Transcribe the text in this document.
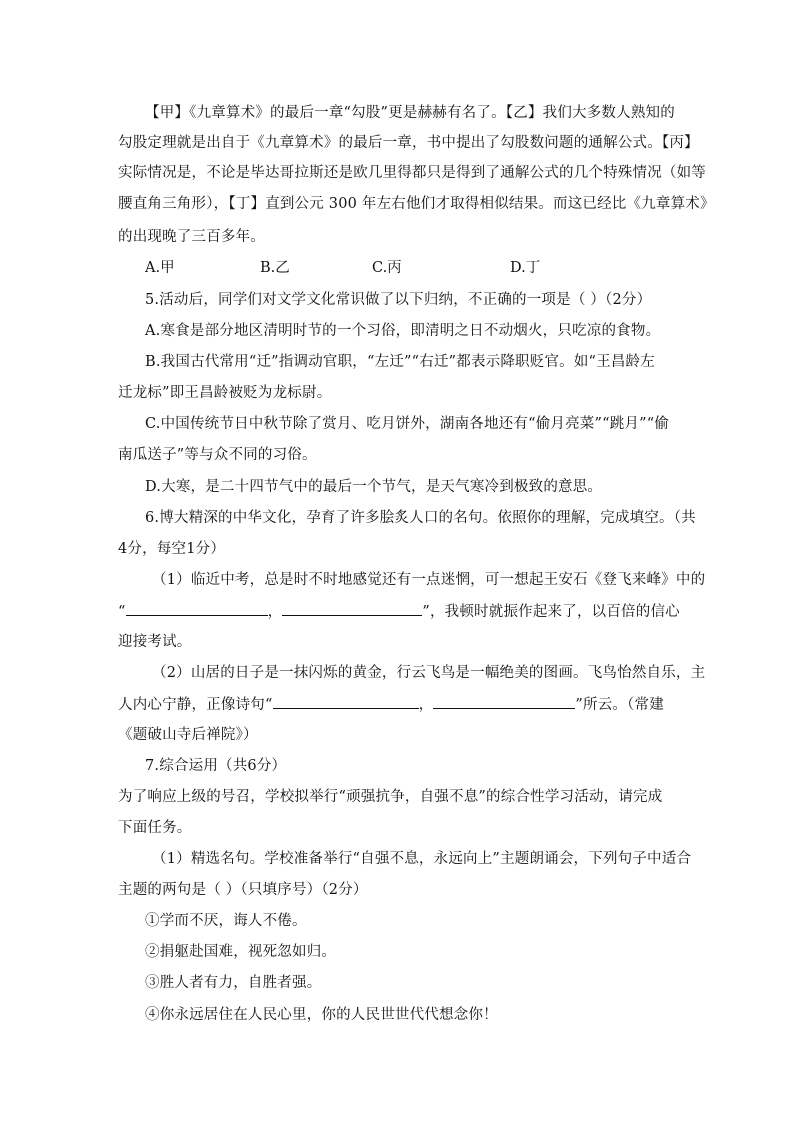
【甲】《九章算术》的最后一章“勾股”更是赫赫有名了。【乙】我们大多数人熟知的
勾股定理就是出自于《九章算术》的最后一章，书中提出了勾股数问题的通解公式。【丙】
实际情况是，不论是毕达哥拉斯还是欧几里得都只是得到了通解公式的几个特殊情况（如等
腰直角三角形），【丁】直到公元 300 年左右他们才取得相似结果。而这已经比《九章算术》
的出现晚了三百多年。
A.甲	B.乙	C.丙	D.丁
5.活动后，同学们对文学文化常识做了以下归纳，不正确的一项是（ ）（2分）
A.寒食是部分地区清明时节的一个习俗，即清明之日不动烟火，只吃凉的食物。
B.我国古代常用“迁”指调动官职，“左迁”“右迁”都表示降职贬官。如“王昌龄左
迁龙标”即王昌龄被贬为龙标尉。
C.中国传统节日中秋节除了赏月、吃月饼外，湖南各地还有“偷月亮菜”“跳月”“偷
南瓜送子”等与众不同的习俗。
D.大寒，是二十四节气中的最后一个节气，是天气寒冷到极致的意思。
6.博大精深的中华文化，孕育了许多脍炙人口的名句。依照你的理解，完成填空。（共
4分，每空1分）
（1）临近中考，总是时不时地感觉还有一点迷惘，可一想起王安石《登飞来峰》中的
“	，	”，我顿时就振作起来了，以百倍的信心
迎接考试。
（2）山居的日子是一抹闪烁的黄金，行云飞鸟是一幅绝美的图画。飞鸟怡然自乐，主
人内心宁静，正像诗句“	，	”所云。（常建
《题破山寺后禅院》）
7.综合运用（共6分）
为了响应上级的号召，学校拟举行“顽强抗争，自强不息”的综合性学习活动，请完成
下面任务。
（1）精选名句。学校准备举行“自强不息，永远向上”主题朗诵会，下列句子中适合
主题的两句是（ ）（只填序号）（2分）
①学而不厌，诲人不倦。
②捐躯赴国难，视死忽如归。
③胜人者有力，自胜者强。
④你永远居住在人民心里，你的人民世世代代想念你！
